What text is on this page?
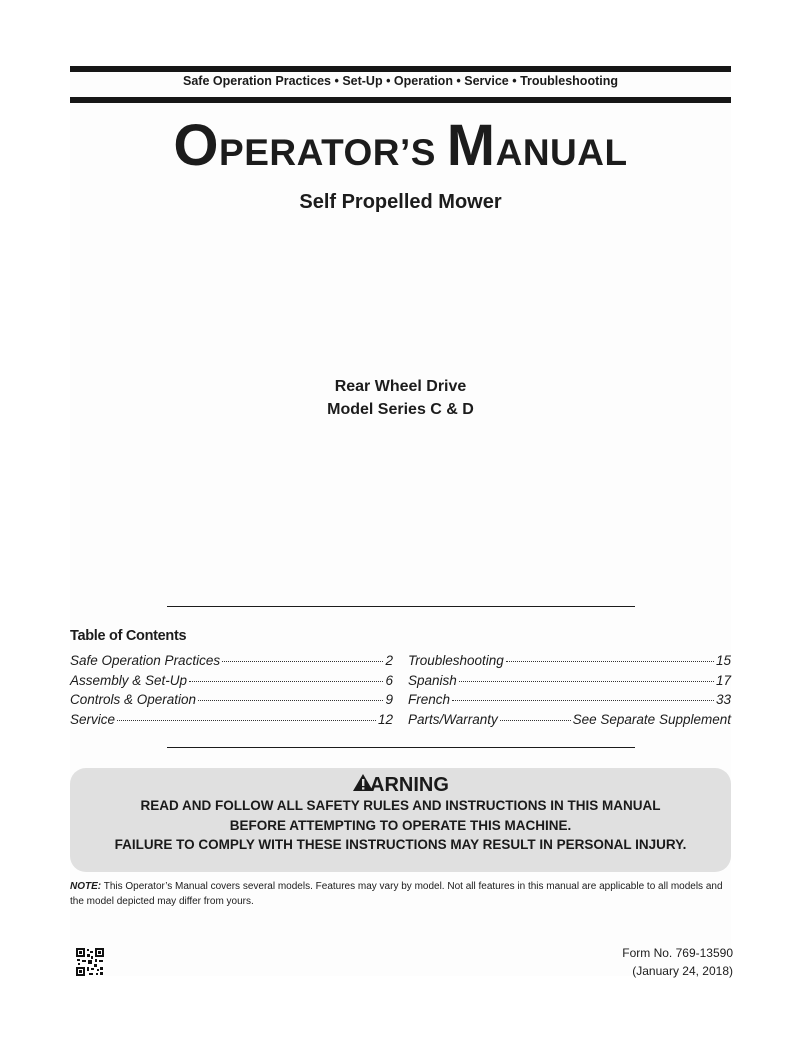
Safe Operation Practices • Set-Up • Operation • Service • Troubleshooting
OPERATOR’S MANUAL
Self Propelled Mower
Rear Wheel Drive
Model Series C & D
Table of Contents
Safe Operation Practices	2
Assembly & Set-Up	6
Controls & Operation	9
Service	12
Troubleshooting	15
Spanish	17
French	33
Parts/Warranty	See Separate Supplement
ARNING
READ AND FOLLOW ALL SAFETY RULES AND INSTRUCTIONS IN THIS MANUAL
BEFORE ATTEMPTING TO OPERATE THIS MACHINE.
FAILURE TO COMPLY WITH THESE INSTRUCTIONS MAY RESULT IN PERSONAL INJURY.
NOTE: This Operator’s Manual covers several models. Features may vary by model. Not all features in this manual are applicable to all models and the model depicted may differ from yours.
Form No. 769-13590
(January 24, 2018)
